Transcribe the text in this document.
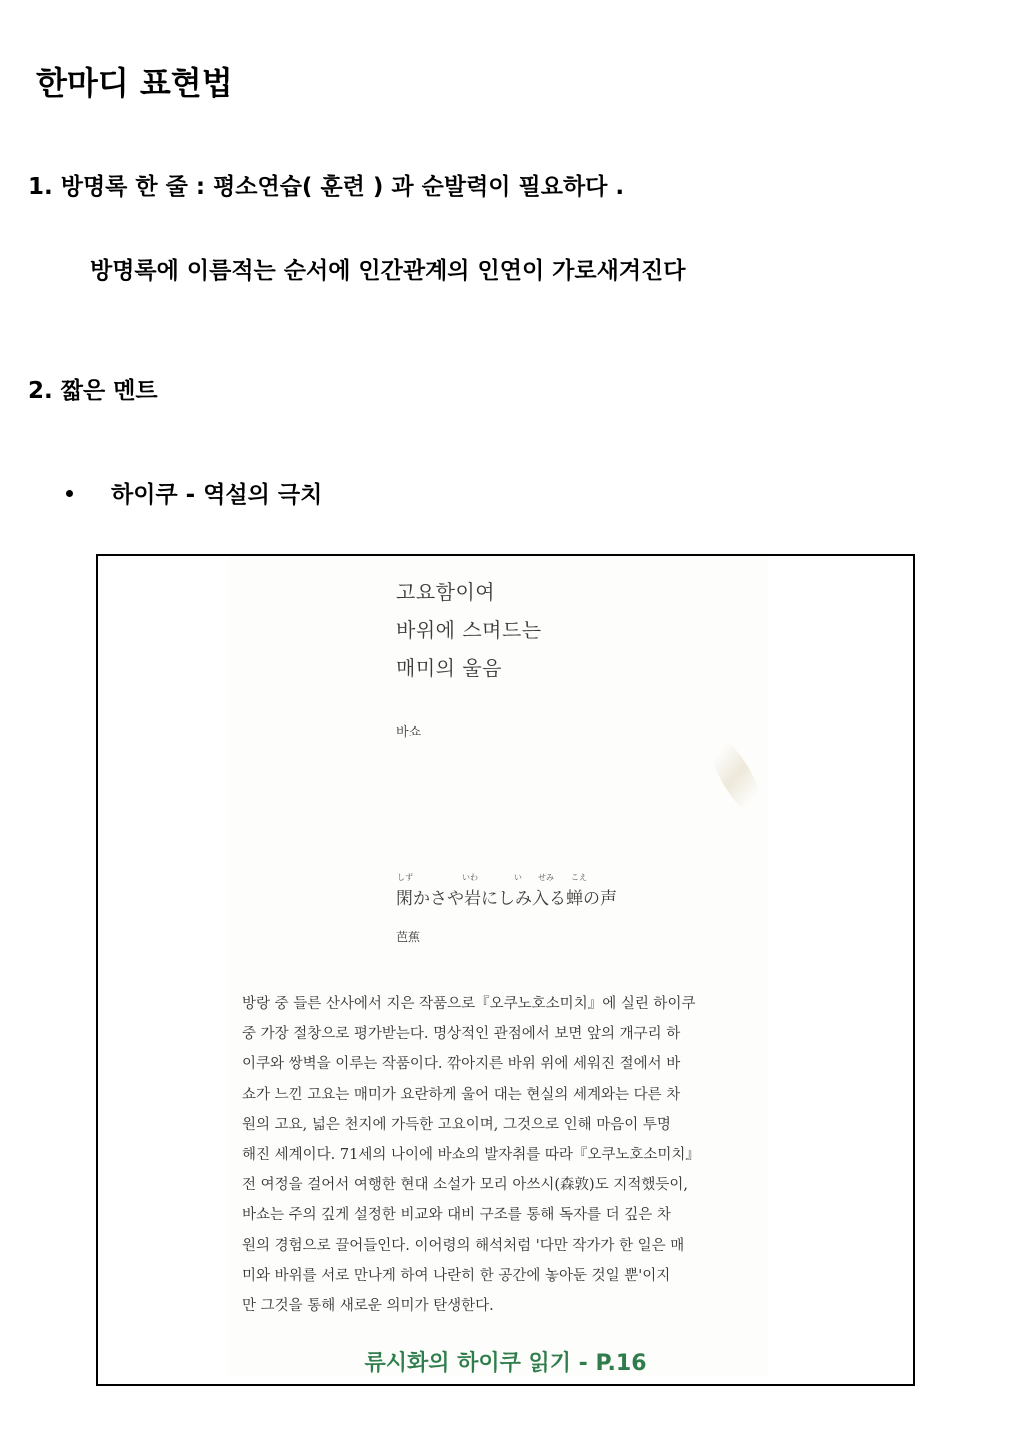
한마디 표현법
1. 방명록 한 줄 : 평소연습( 훈련 ) 과 순발력이 필요하다 .
방명록에 이름적는 순서에 인간관계의 인연이 가로새겨진다
2. 짧은 멘트
하이쿠 - 역설의 극치
고요함이여
바위에 스며드는
매미의 울음
바쇼
しず	いわ	い せみ こえ
閑かさや岩にしみ入る蝉の声
芭蕉
방랑 중 들른 산사에서 지은 작품으로『오쿠노호소미치』에 실린 하이쿠
중 가장 절창으로 평가받는다. 명상적인 관점에서 보면 앞의 개구리 하
이쿠와 쌍벽을 이루는 작품이다. 깎아지른 바위 위에 세워진 절에서 바
쇼가 느낀 고요는 매미가 요란하게 울어 대는 현실의 세계와는 다른 차
원의 고요, 넓은 천지에 가득한 고요이며, 그것으로 인해 마음이 투명
해진 세계이다. 71세의 나이에 바쇼의 발자취를 따라『오쿠노호소미치』
전 여정을 걸어서 여행한 현대 소설가 모리 아쓰시(森敦)도 지적했듯이,
바쇼는 주의 깊게 설정한 비교와 대비 구조를 통해 독자를 더 깊은 차
원의 경험으로 끌어들인다. 이어령의 해석처럼 '다만 작가가 한 일은 매
미와 바위를 서로 만나게 하여 나란히 한 공간에 놓아둔 것일 뿐'이지
만 그것을 통해 새로운 의미가 탄생한다.
류시화의 하이쿠 읽기 - P.16
